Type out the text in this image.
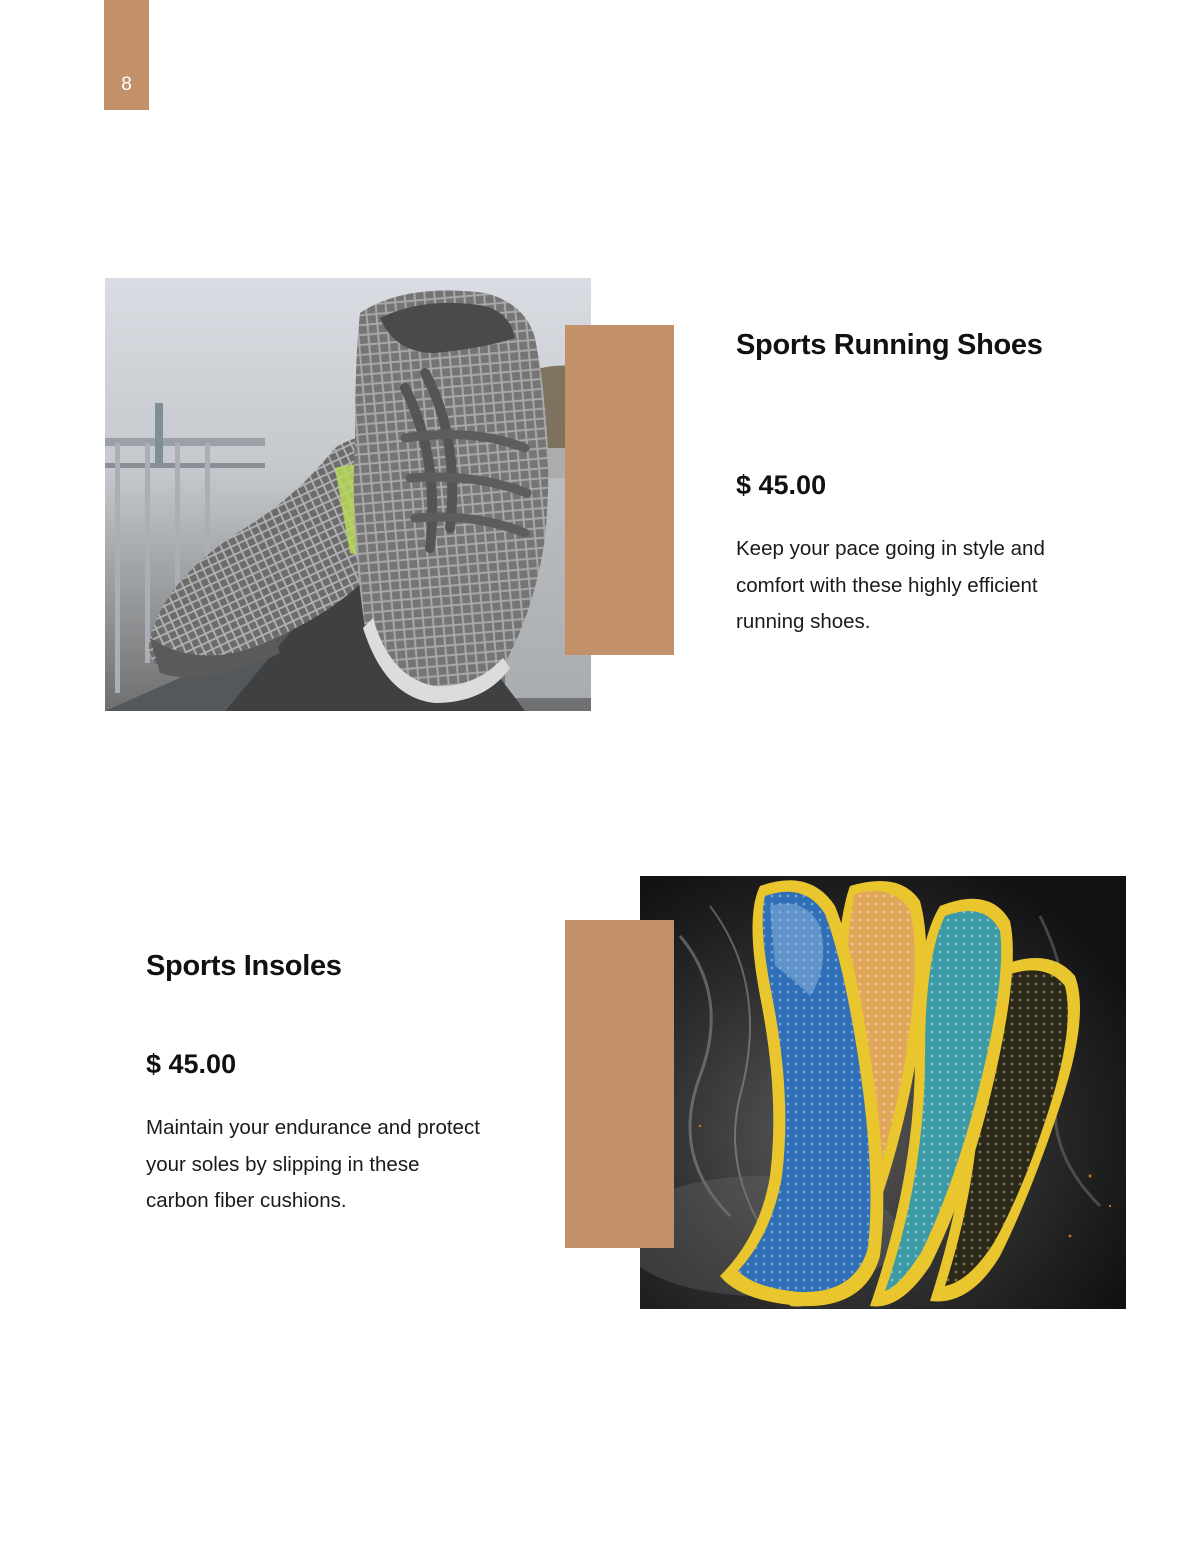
8
Sports Running Shoes

$ 45.00

Keep your pace going in style and comfort with these highly efficient running shoes.

Sports Insoles

$ 45.00

Maintain your endurance and protect your soles by slipping in these carbon fiber cushions.
